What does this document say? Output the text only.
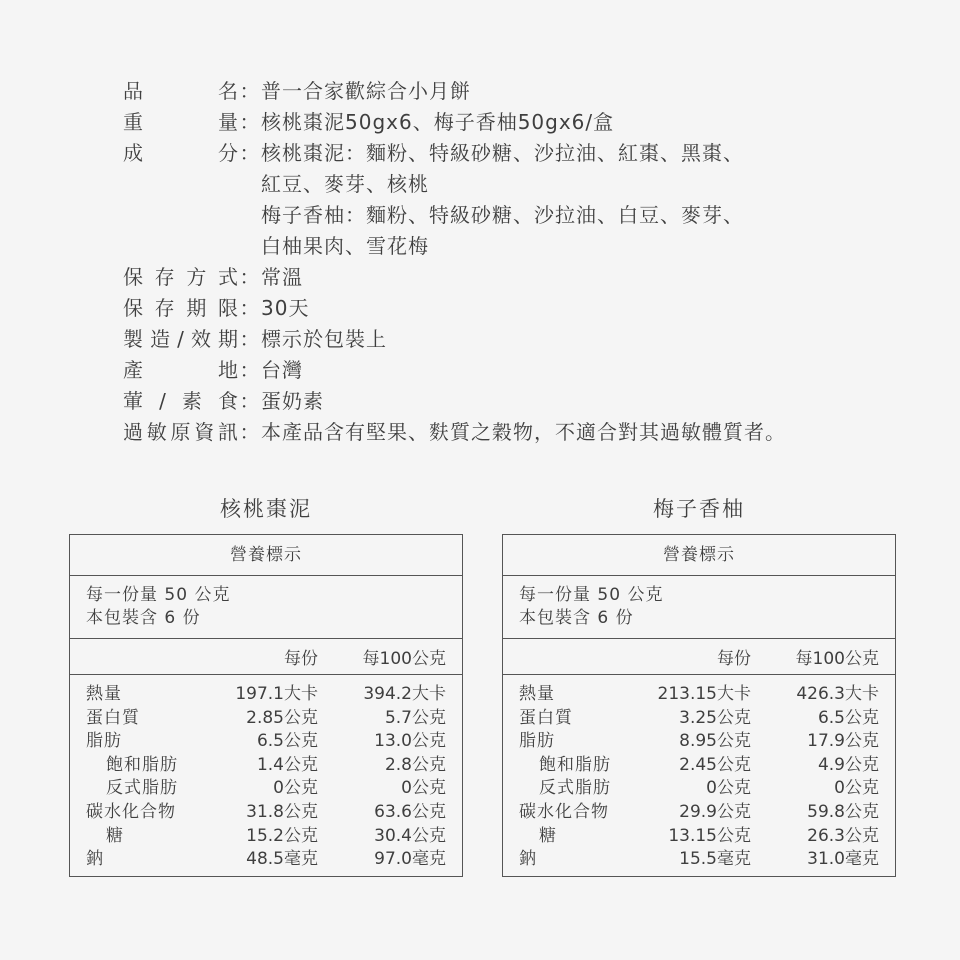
品	名 ： 普一合家歡綜合小月餅
重	量 ： 核桃棗泥50gx6、梅子香柚50gx6/盒
成	分 ： 核桃棗泥：麵粉、特級砂糖、沙拉油、紅棗、黑棗、
紅豆、麥芽、核桃
梅子香柚：麵粉、特級砂糖、沙拉油、白豆、麥芽、
白柚果肉、雪花梅
保 存 方 式 ： 常溫
保 存 期 限 ： 30天
製 造 / 效 期 ： 標示於包裝上
產	地 ： 台灣
葷 / 素 食 ： 蛋奶素
過 敏 原 資 訊 ： 本產品含有堅果、麩質之穀物，不適合對其過敏體質者。
核桃棗泥
營養標示
每一份量 50 公克
本包裝含 6 份
每份	每100公克
熱量	197.1大卡	394.2大卡
蛋白質	2.85公克	5.7公克
脂肪	6.5公克	13.0公克
飽和脂肪	1.4公克	2.8公克
反式脂肪	0公克	0公克
碳水化合物	31.8公克	63.6公克
糖	15.2公克	30.4公克
鈉	48.5毫克	97.0毫克
梅子香柚
營養標示
每一份量 50 公克
本包裝含 6 份
每份	每100公克
熱量	213.15大卡	426.3大卡
蛋白質	3.25公克	6.5公克
脂肪	8.95公克	17.9公克
飽和脂肪	2.45公克	4.9公克
反式脂肪	0公克	0公克
碳水化合物	29.9公克	59.8公克
糖	13.15公克	26.3公克
鈉	15.5毫克	31.0毫克
